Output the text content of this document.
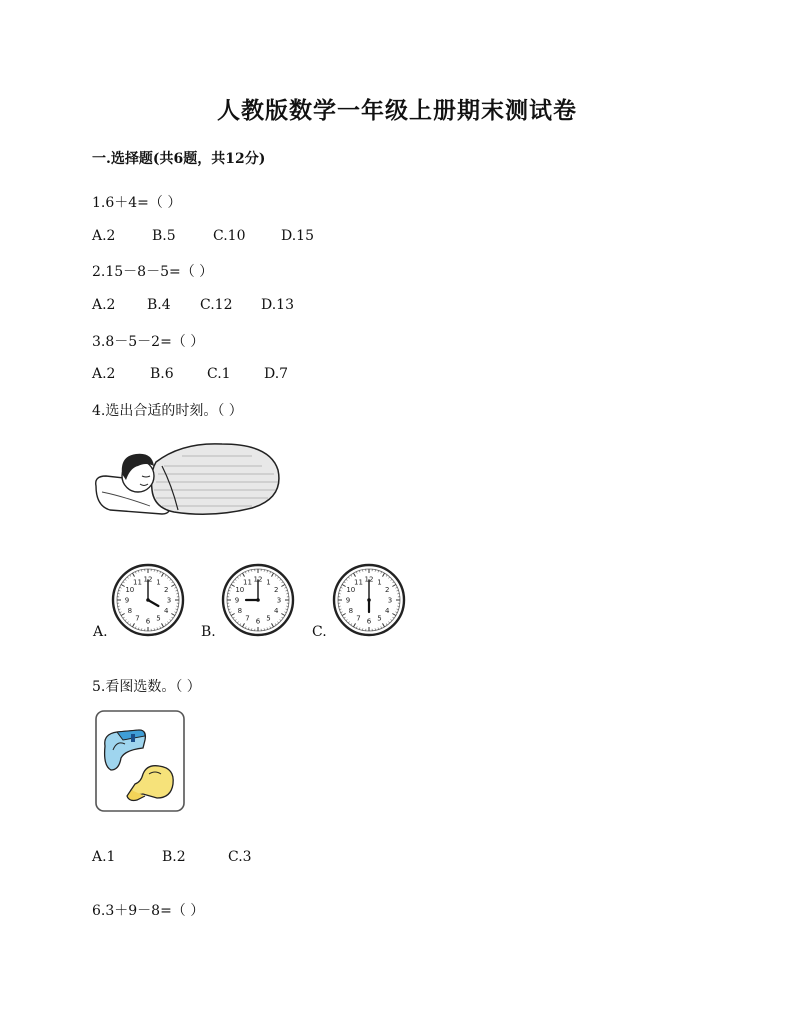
人教版数学一年级上册期末测试卷
一.选择题(共6题，共12分)
1.6＋4=（ ）
A.2	B.5	C.10	D.15
2.15－8－5=（ ）
A.2	B.4	C.12	D.13
3.8－5－2=（ ）
A.2	B.6	C.1	D.7
4.选出合适的时刻。（ ）
A.	B.	C.
12 1
2
3
4
5
6
7
8
9
10
11	12 1
2
3
4
5
6
7
8
9
10
11	12 1
2
3
4
5
6
7
8
9
10
11
5.看图选数。（ ）
A.1	B.2	C.3
6.3＋9－8=（ ）
